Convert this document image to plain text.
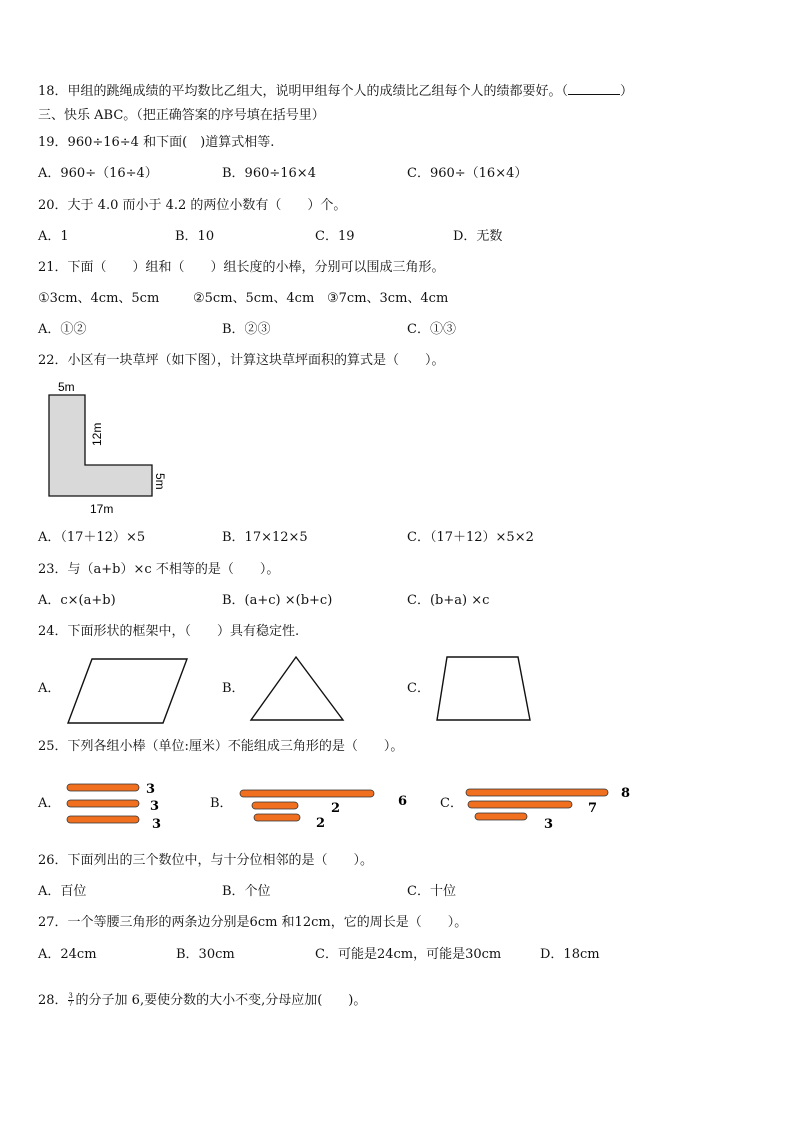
18．甲组的跳绳成绩的平均数比乙组大，说明甲组每个人的成绩比乙组每个人的绩都要好。（	）
三、快乐 ABC。（把正确答案的序号填在括号里）
19．960÷16÷4 和下面(　)道算式相等.
A．960÷（16÷4）	B．960÷16×4	C．960÷（16×4）
20．大于 4.0 而小于 4.2 的两位小数有（　　）个。
A．1	B．10	C．19	D．无数
21．下面（　　）组和（　　）组长度的小棒，分别可以围成三角形。
①3cm、4cm、5cm	②5cm、5cm、4cm ③7cm、3cm、4cm
A．①②	B．②③	C．①③
22．小区有一块草坪（如下图），计算这块草坪面积的算式是（　　）。
5m
12m
5m
17m
A．（17＋12）×5	B．17×12×5	C．（17＋12）×5×2
23．与（a+b）×c 不相等的是（　　）。
A．c×(a+b)	B．(a+c) ×(b+c)	C．(b+a) ×c
24．下面形状的框架中，（　　）具有稳定性.
A．	B．	C．
25．下列各组小棒（单位:厘米）不能组成三角形的是（　　）。
A．
3
3
3
B．	6
2
2
C．
8
7
3
26．下面列出的三个数位中，与十分位相邻的是（　　）。
A．百位	B．个位	C．十位
27．一个等腰三角形的两条边分别是6cm 和12cm，它的周长是（　　）。
A．24cm	B．30cm	C．可能是24cm，可能是30cm	D．18cm
28． $\frac{3}{7}$ 的分子加 6,要使分数的大小不变,分母应加(　　)。
